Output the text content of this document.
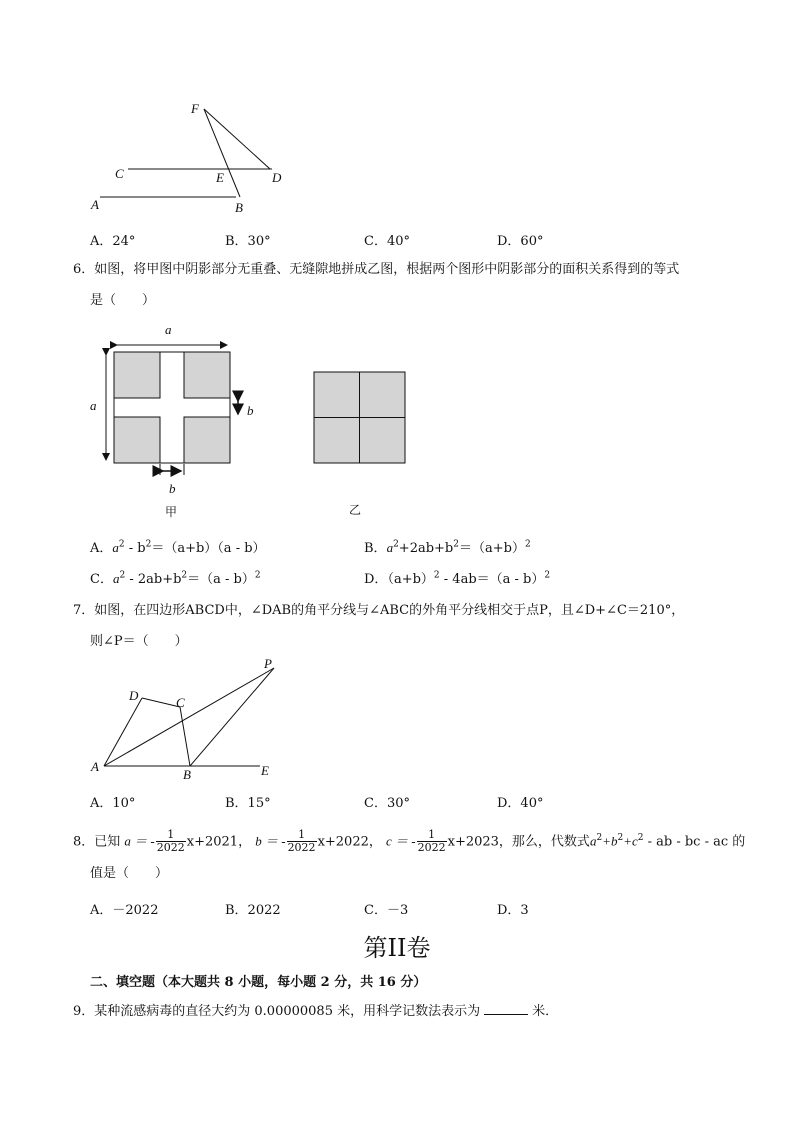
F
C	E	D
A	B
A．24°	B．30°	C．40°	D．60°
6．如图，将甲图中阴影部分无重叠、无缝隙地拼成乙图，根据两个图形中阴影部分的面积关系得到的等式
是（　　）
a
a	b
b
甲	乙
A．$a^2 - b^2=(a+b)(a - b)$	B．$a^2+2ab+b^2=(a+b)^2$
C．$a^2 - 2ab+b^2=(a - b)^2$	D．$(a+b)^2 - 4ab=(a - b)^2$
7．如图，在四边形ABCD中，∠DAB的角平分线与∠ABC的外角平分线相交于点P，且∠D+∠C＝210°，
则∠P＝（　　）
P
D	C
A
B	E
A．10°	B．15°	C．30°	D．40°
8．已知 a ＝ - $\frac{1}{2022} x+2021$， b ＝ - $\frac{1}{2022} x+2022$， c ＝ - $\frac{1}{2022} x+2023$，那么，代数式$a^2+b^2+c^2$ - ab - bc - ac 的
值是（　　）
A．－2022	B．2022	C．－3	D．3
第II卷
二、填空题（本大题共 8 小题，每小题 2 分，共 16 分）
9．某种流感病毒的直径大约为 0.00000085 米，用科学记数法表示为	米．
